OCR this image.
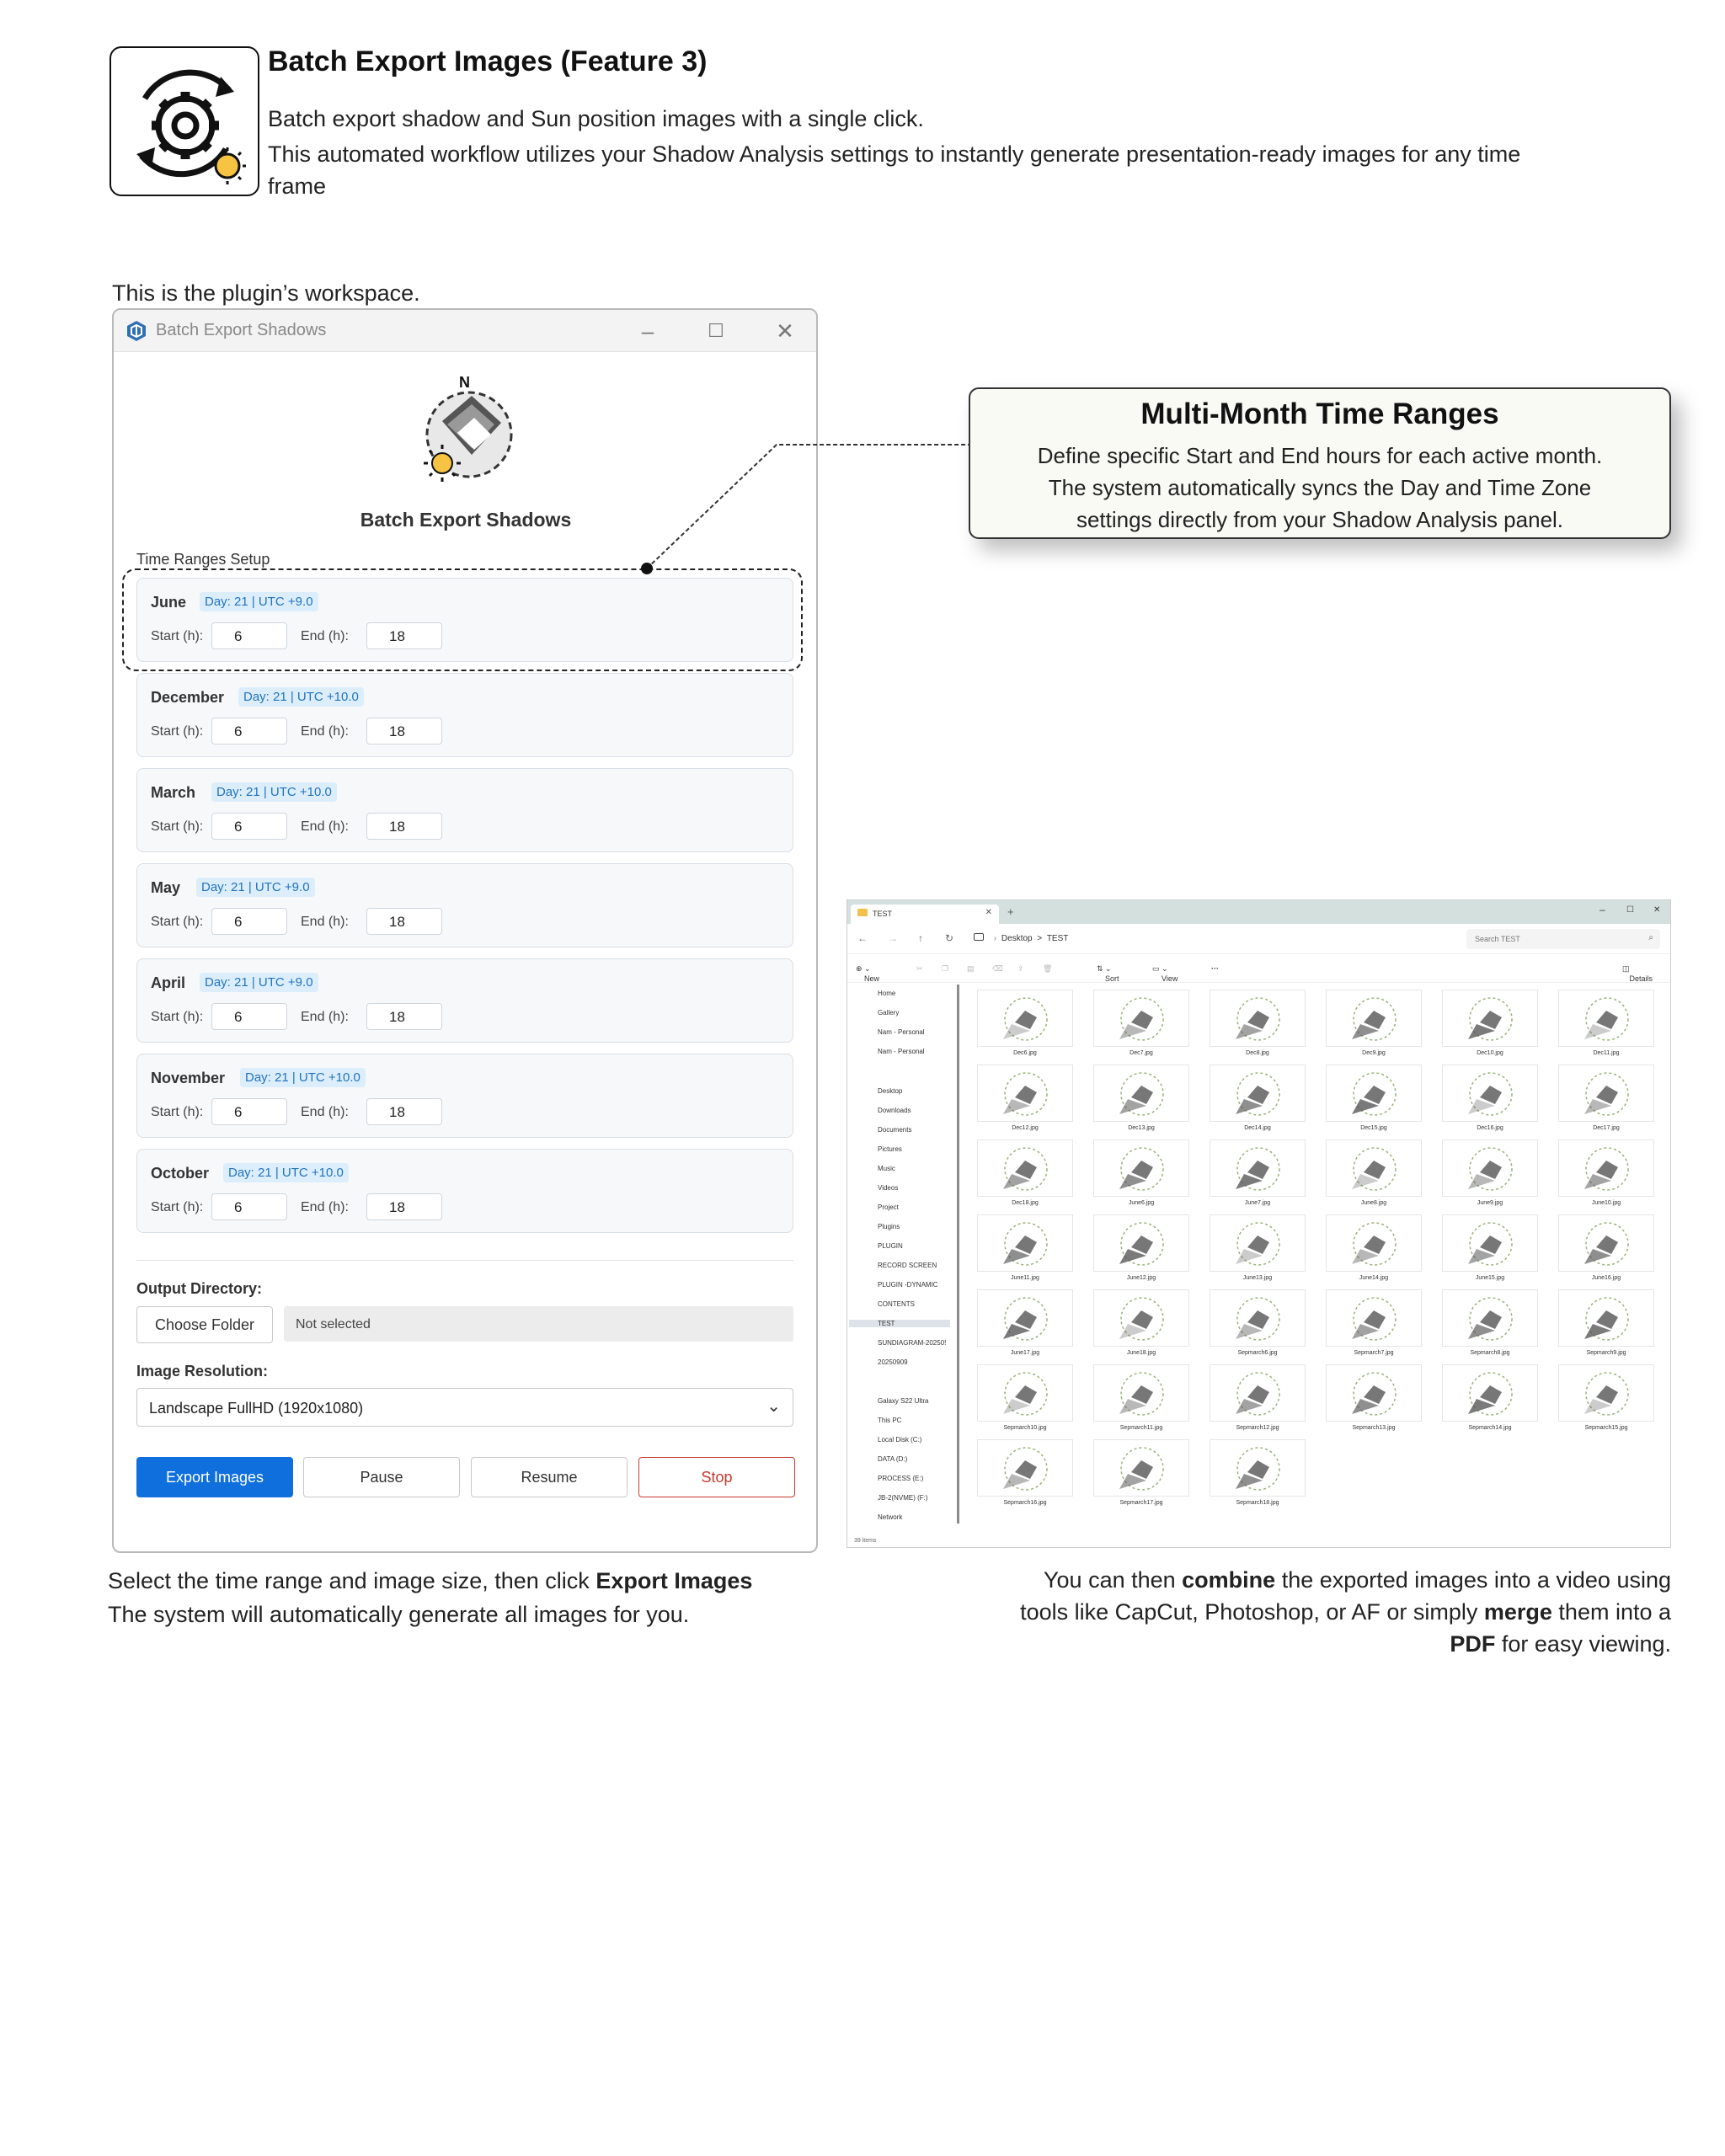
Batch Export Images (Feature 3)
Batch export shadow and Sun position images with a single click.
This automated workflow utilizes your Shadow Analysis settings to instantly generate presentation-ready images for any time frame
This is the plugin’s workspace.
Batch Export Shadows	–	☐ ✕
N
Batch Export Shadows
Time Ranges Setup
June	Day: 21 | UTC +9.0
Start (h):	6	End (h):	18
December	Day: 21 | UTC +10.0
Start (h):	6	End (h):	18
March	Day: 21 | UTC +10.0
Start (h):	6	End (h):	18
May	Day: 21 | UTC +9.0
Start (h):	6	End (h):	18
April	Day: 21 | UTC +9.0
Start (h):	6	End (h):	18
November	Day: 21 | UTC +10.0
Start (h):	6	End (h):	18
October	Day: 21 | UTC +10.0
Start (h):	6	End (h):	18
Output Directory:
Choose Folder	Not selected
Image Resolution:
Landscape FullHD (1920x1080)	⌄
Export Images	Pause	Resume	Stop
Multi-Month Time Ranges
Define specific Start and End hours for each active month.
The system automatically syncs the Day and Time Zone
settings directly from your Shadow Analysis panel.
TEST	✕ +	–	☐ ✕
← → ↑ ↻	› Desktop > TEST	Search TEST	⌕
⊕
New
⌄	✂ ❐ ▤ ⌫ ⇪ 🗑	⇅
Sort
⌄	▭
View
⌄	···	◫
Details
Home
Gallery
Nam - Personal
Nam - Personal
Desktop
Downloads
Documents
Pictures
Music
Videos
Project
Plugins
PLUGIN
RECORD SCREEN
PLUGIN -DYNAMIC
CONTENTS
TEST
SUNDIAGRAM-20250!
20250909
Galaxy S22 Ultra
This PC
Local Disk (C:)
DATA (D:)
PROCESS (E:)
JB-2(NVME) (F:)
Network
Dec6.jpg	Dec7.jpg	Dec8.jpg	Dec9.jpg	Dec10.jpg	Dec11.jpg
Dec12.jpg	Dec13.jpg	Dec14.jpg	Dec15.jpg	Dec16.jpg	Dec17.jpg
Dec18.jpg	June6.jpg	June7.jpg	June8.jpg	June9.jpg	June10.jpg
June11.jpg	June12.jpg	June13.jpg	June14.jpg	June15.jpg	June16.jpg
June17.jpg	June18.jpg	Sepmarch6.jpg	Sepmarch7.jpg	Sepmarch8.jpg	Sepmarch9.jpg
Sepmarch10.jpg	Sepmarch11.jpg	Sepmarch12.jpg	Sepmarch13.jpg	Sepmarch14.jpg	Sepmarch15.jpg
Sepmarch16.jpg	Sepmarch17.jpg	Sepmarch18.jpg
39 items
Select the time range and image size, then click Export Images
The system will automatically generate all images for you.
You can then combine the exported images into a video using
tools like CapCut, Photoshop, or AF or simply merge them into a
PDF for easy viewing.
